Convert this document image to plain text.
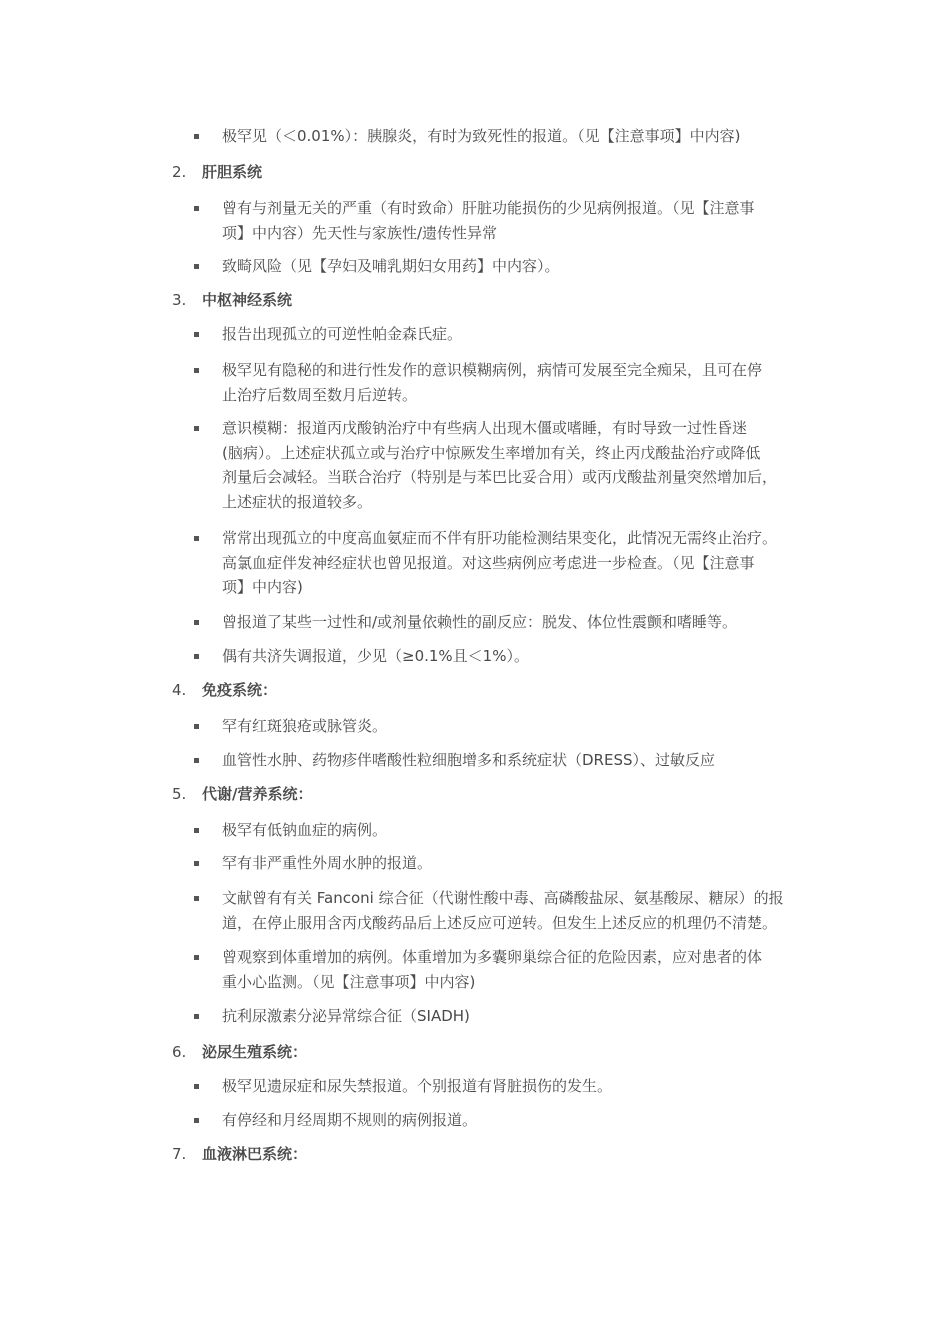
极罕见（＜0.01%）：胰腺炎，有时为致死性的报道。（见【注意事项】中内容)
2. 肝胆系统
曾有与剂量无关的严重（有时致命）肝脏功能损伤的少见病例报道。（见【注意事
项】中内容）先天性与家族性/遗传性异常
致畸风险（见【孕妇及哺乳期妇女用药】中内容）。
3. 中枢神经系统
报告出现孤立的可逆性帕金森氏症。
极罕见有隐秘的和进行性发作的意识模糊病例，病情可发展至完全痴呆，且可在停
止治疗后数周至数月后逆转。
意识模糊：报道丙戊酸钠治疗中有些病人出现木僵或嗜睡，有时导致一过性昏迷
(脑病）。上述症状孤立或与治疗中惊厥发生率增加有关，终止丙戊酸盐治疗或降低
剂量后会减轻。当联合治疗（特别是与苯巴比妥合用）或丙戊酸盐剂量突然增加后，
上述症状的报道较多。
常常出现孤立的中度高血氨症而不伴有肝功能检测结果变化，此情况无需终止治疗。
高氯血症伴发神经症状也曾见报道。对这些病例应考虑进一步检查。（见【注意事
项】中内容)
曾报道了某些一过性和/或剂量依赖性的副反应：脱发、体位性震颤和嗜睡等。
偶有共济失调报道，少见（≥0.1%且＜1%）。
4. 免疫系统：
罕有红斑狼疮或脉管炎。
血管性水肿、药物疹伴嗜酸性粒细胞增多和系统症状（DRESS）、过敏反应
5. 代谢/营养系统：
极罕有低钠血症的病例。
罕有非严重性外周水肿的报道。
文献曾有有关 Fanconi 综合征（代谢性酸中毒、高磷酸盐尿、氨基酸尿、糖尿）的报
道，在停止服用含丙戊酸药品后上述反应可逆转。但发生上述反应的机理仍不清楚。
曾观察到体重增加的病例。体重增加为多囊卵巢综合征的危险因素，应对患者的体
重小心监测。（见【注意事项】中内容)
抗利尿激素分泌异常综合征（SIADH)
6. 泌尿生殖系统：
极罕见遗尿症和尿失禁报道。个别报道有肾脏损伤的发生。
有停经和月经周期不规则的病例报道。
7. 血液淋巴系统：
